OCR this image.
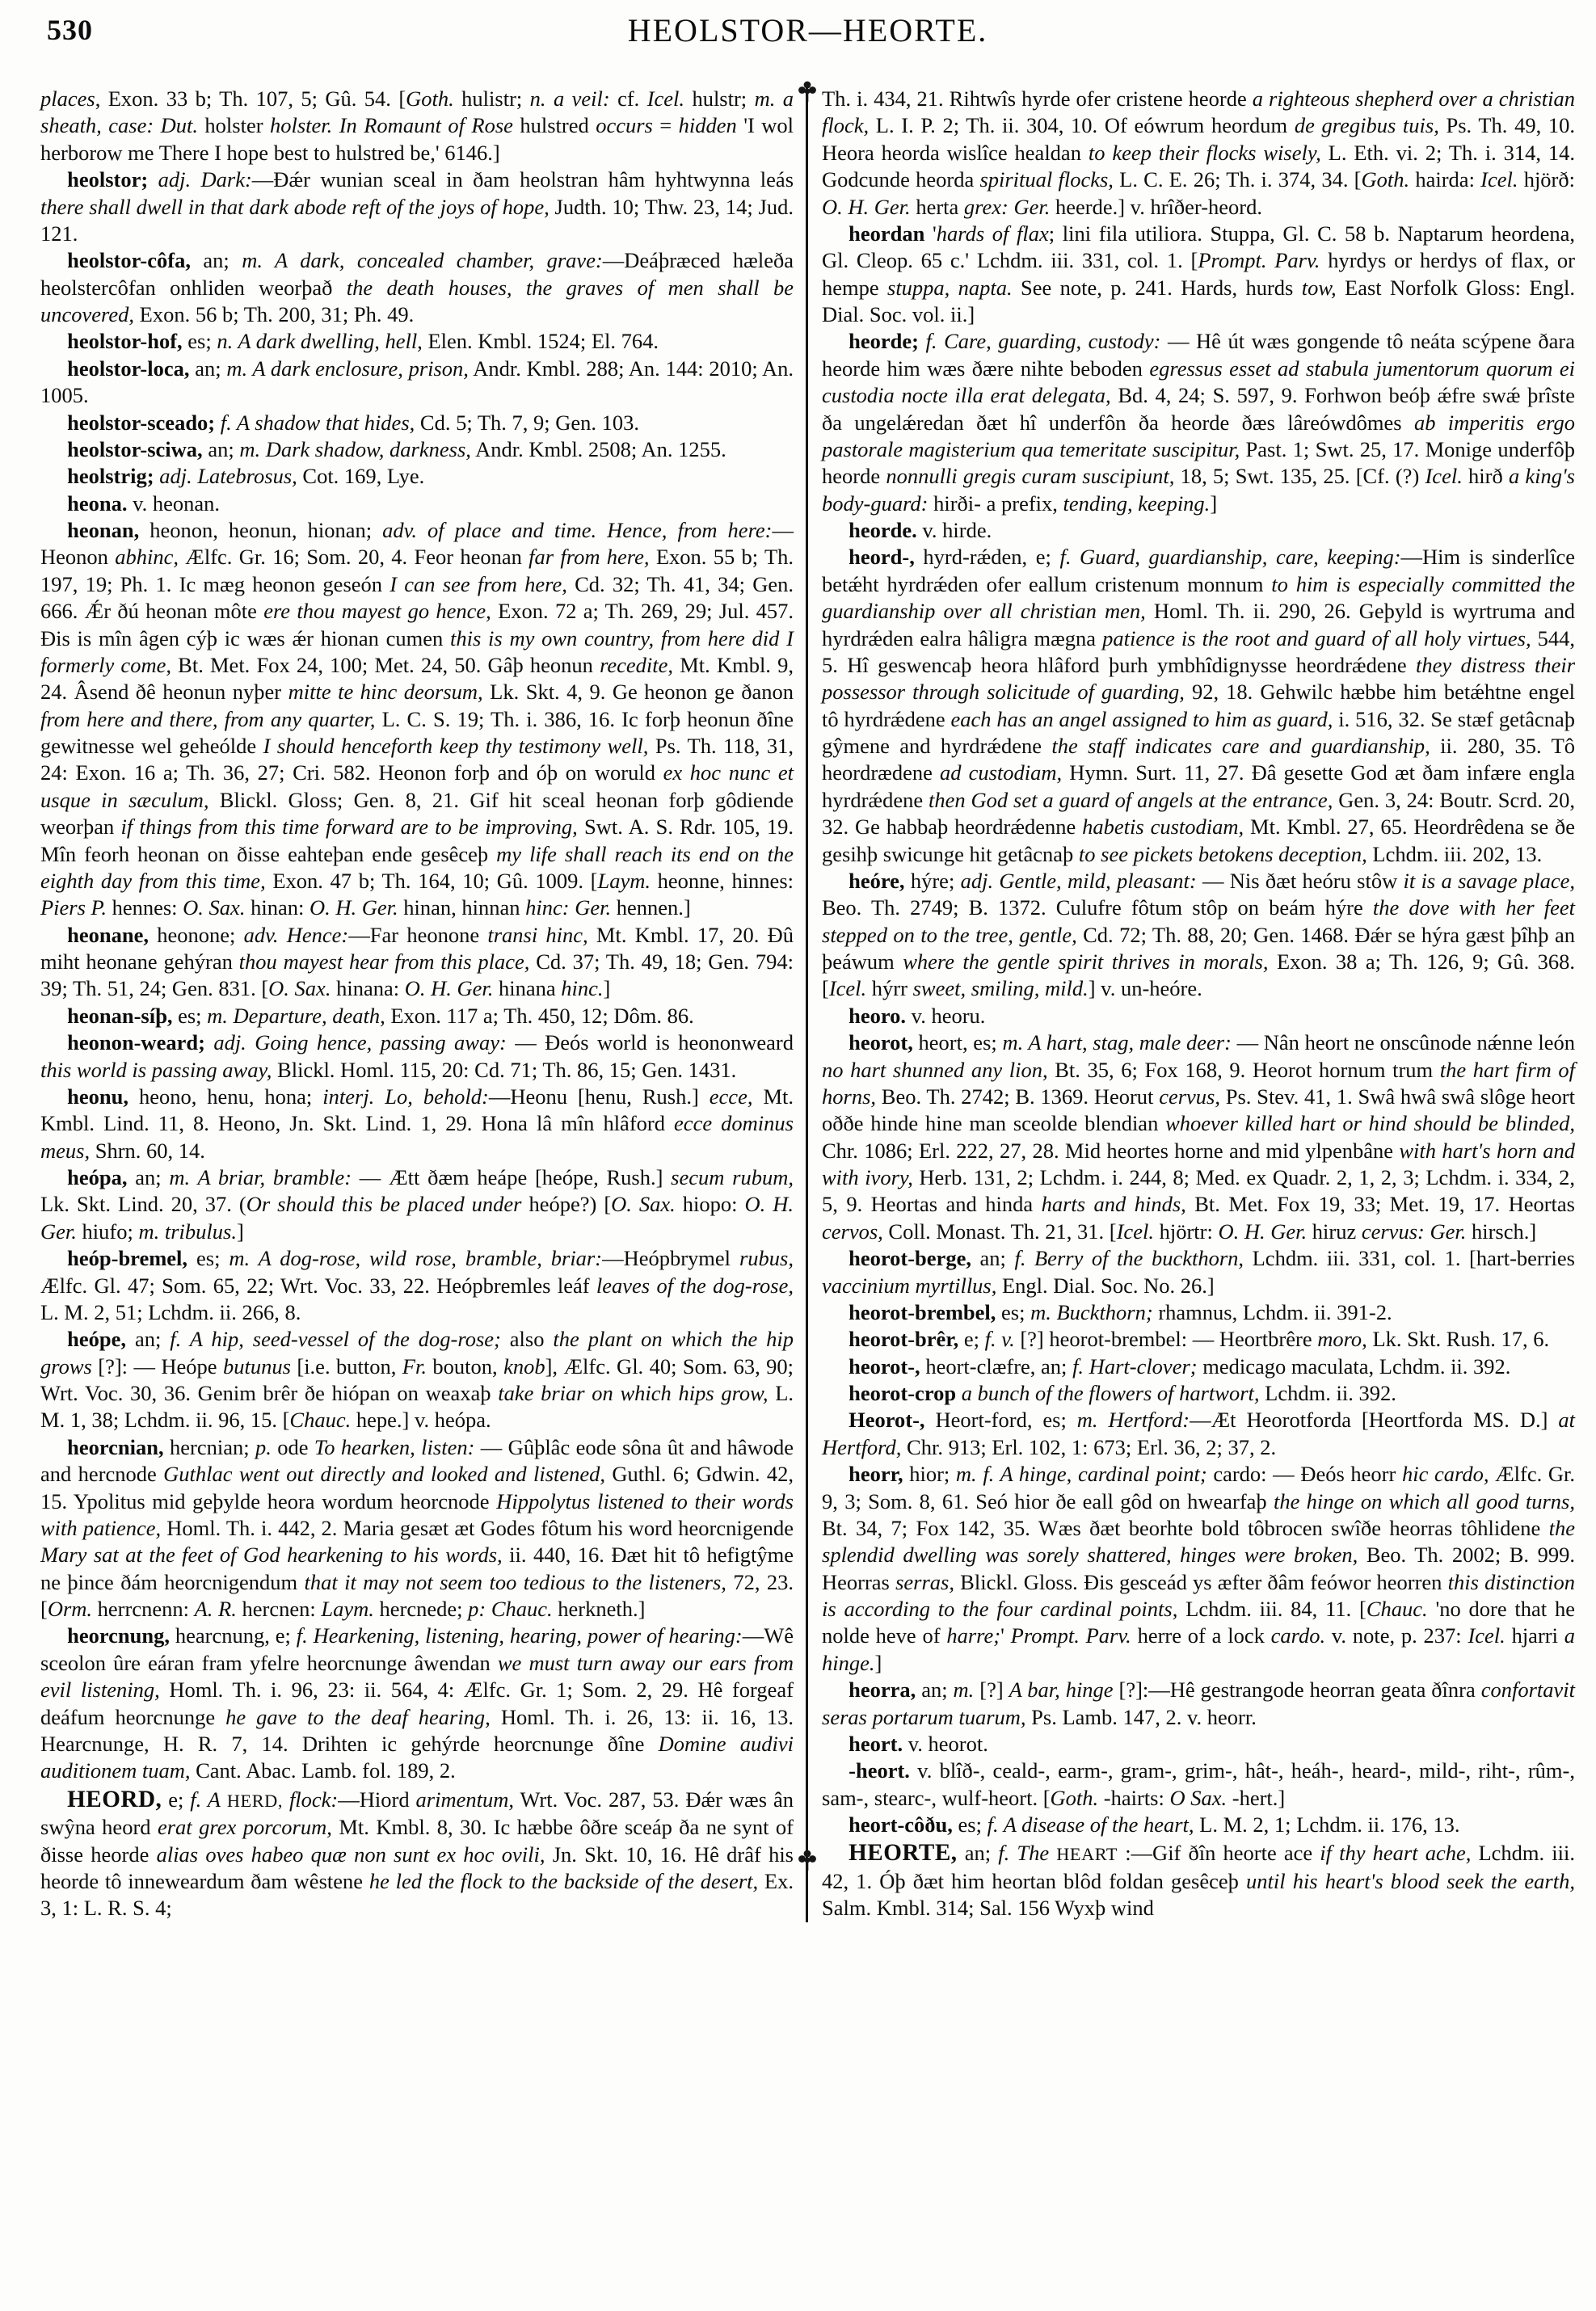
530	HEOLSTOR—HEORTE.

places, Exon. 33 b; Th. 107, 5; Gû. 54. [Goth. hulistr; n. a veil: cf. Icel. hulstr; m. a sheath, case: Dut. holster holster. In Romaunt of Rose hulstred occurs = hidden 'I wol herborow me There I hope best to hulstred be,' 6146.]

heolstor; adj. Dark:—Ðǽr wunian sceal in ðam heolstran hâm hyhtwynna leás there shall dwell in that dark abode reft of the joys of hope, Judth. 10; Thw. 23, 14; Jud. 121.

heolstor-côfa, an; m. A dark, concealed chamber, grave:—Deáþræced hæleða heolstercôfan onhliden weorþað the death houses, the graves of men shall be uncovered, Exon. 56 b; Th. 200, 31; Ph. 49.

heolstor-hof, es; n. A dark dwelling, hell, Elen. Kmbl. 1524; El. 764.

heolstor-loca, an; m. A dark enclosure, prison, Andr. Kmbl. 288; An. 144: 2010; An. 1005.

heolstor-sceado; f. A shadow that hides, Cd. 5; Th. 7, 9; Gen. 103.

heolstor-sciwa, an; m. Dark shadow, darkness, Andr. Kmbl. 2508; An. 1255.

heolstrig; adj. Latebrosus, Cot. 169, Lye.

heona. v. heonan.

heonan, heonon, heonun, hionan; adv. of place and time. Hence, from here:—Heonon abhinc, Ælfc. Gr. 16; Som. 20, 4. Feor heonan far from here, Exon. 55 b; Th. 197, 19; Ph. 1. Ic mæg heonon geseón I can see from here, Cd. 32; Th. 41, 34; Gen. 666. Ǽr ðú heonan môte ere thou mayest go hence, Exon. 72 a; Th. 269, 29; Jul. 457. Ðis is mîn âgen cýþ ic wæs ǽr hionan cumen this is my own country, from here did I formerly come, Bt. Met. Fox 24, 100; Met. 24, 50. Gâþ heonun recedite, Mt. Kmbl. 9, 24. Âsend ðê heonun nyþer mitte te hinc deorsum, Lk. Skt. 4, 9. Ge heonon ge ðanon from here and there, from any quarter, L. C. S. 19; Th. i. 386, 16. Ic forþ heonun ðîne gewitnesse wel geheólde I should henceforth keep thy testimony well, Ps. Th. 118, 31, 24: Exon. 16 a; Th. 36, 27; Cri. 582. Heonon forþ and óþ on woruld ex hoc nunc et usque in sæculum, Blickl. Gloss; Gen. 8, 21. Gif hit sceal heonan forþ gôdiende weorþan if things from this time forward are to be improving, Swt. A. S. Rdr. 105, 19. Mîn feorh heonan on ðisse eahteþan ende gesêceþ my life shall reach its end on the eighth day from this time, Exon. 47 b; Th. 164, 10; Gû. 1009. [Laym. heonne, hinnes: Piers P. hennes: O. Sax. hinan: O. H. Ger. hinan, hinnan hinc: Ger. hennen.]

heonane, heonone; adv. Hence:—Far heonone transi hinc, Mt. Kmbl. 17, 20. Ðû miht heonane gehýran thou mayest hear from this place, Cd. 37; Th. 49, 18; Gen. 794: 39; Th. 51, 24; Gen. 831. [O. Sax. hinana: O. H. Ger. hinana hinc.]

heonan-síþ, es; m. Departure, death, Exon. 117 a; Th. 450, 12; Dôm. 86.

heonon-weard; adj. Going hence, passing away: — Ðeós world is heononweard this world is passing away, Blickl. Homl. 115, 20: Cd. 71; Th. 86, 15; Gen. 1431.

heonu, heono, henu, hona; interj. Lo, behold:—Heonu [henu, Rush.] ecce, Mt. Kmbl. Lind. 11, 8. Heono, Jn. Skt. Lind. 1, 29. Hona lâ mîn hlâford ecce dominus meus, Shrn. 60, 14.

heópa, an; m. A briar, bramble: — Ætt ðæm heápe [heópe, Rush.] secum rubum, Lk. Skt. Lind. 20, 37. (Or should this be placed under heópe?) [O. Sax. hiopo: O. H. Ger. hiufo; m. tribulus.]

heóp-bremel, es; m. A dog-rose, wild rose, bramble, briar:—Heópbrymel rubus, Ælfc. Gl. 47; Som. 65, 22; Wrt. Voc. 33, 22. Heópbremles leáf leaves of the dog-rose, L. M. 2, 51; Lchdm. ii. 266, 8.

heópe, an; f. A hip, seed-vessel of the dog-rose; also the plant on which the hip grows [?]: — Heópe butunus [i.e. button, Fr. bouton, knob], Ælfc. Gl. 40; Som. 63, 90; Wrt. Voc. 30, 36. Genim brêr ðe hiópan on weaxaþ take briar on which hips grow, L. M. 1, 38; Lchdm. ii. 96, 15. [Chauc. hepe.] v. heópa.

heorcnian, hercnian; p. ode To hearken, listen: — Gûþlâc eode sôna ût and hâwode and hercnode Guthlac went out directly and looked and listened, Guthl. 6; Gdwin. 42, 15. Ypolitus mid geþylde heora wordum heorcnode Hippolytus listened to their words with patience, Homl. Th. i. 442, 2. Maria gesæt æt Godes fôtum his word heorcnigende Mary sat at the feet of God hearkening to his words, ii. 440, 16. Ðæt hit tô hefigtŷme ne þince ðám heorcnigendum that it may not seem too tedious to the listeners, 72, 23. [Orm. herrcnenn: A. R. hercnen: Laym. hercnede; p: Chauc. herkneth.]

heorcnung, hearcnung, e; f. Hearkening, listening, hearing, power of hearing:—Wê sceolon ûre eáran fram yfelre heorcnunge âwendan we must turn away our ears from evil listening, Homl. Th. i. 96, 23: ii. 564, 4: Ælfc. Gr. 1; Som. 2, 29. Hê forgeaf deáfum heorcnunge he gave to the deaf hearing, Homl. Th. i. 26, 13: ii. 16, 13. Hearcnunge, H. R. 7, 14. Drihten ic gehýrde heorcnunge ðîne Domine audivi auditionem tuam, Cant. Abac. Lamb. fol. 189, 2.

HEORD, e; f. A HERD, flock:—Hiord arimentum, Wrt. Voc. 287, 53. Ðǽr wæs ân swŷna heord erat grex porcorum, Mt. Kmbl. 8, 30. Ic hæbbe ôðre sceáp ða ne synt of ðisse heorde alias oves habeo quæ non sunt ex hoc ovili, Jn. Skt. 10, 16. Hê drâf his heorde tô inneweardum ðam wêstene he led the flock to the backside of the desert, Ex. 3, 1: L. R. S. 4;

Th. i. 434, 21. Rihtwîs hyrde ofer cristene heorde a righteous shepherd over a christian flock, L. I. P. 2; Th. ii. 304, 10. Of eówrum heordum de gregibus tuis, Ps. Th. 49, 10. Heora heorda wislîce healdan to keep their flocks wisely, L. Eth. vi. 2; Th. i. 314, 14. Godcunde heorda spiritual flocks, L. C. E. 26; Th. i. 374, 34. [Goth. hairda: Icel. hjörð: O. H. Ger. herta grex: Ger. heerde.] v. hrîðer-heord.

heordan 'hards of flax; lini fila utiliora. Stuppa, Gl. C. 58 b. Naptarum heordena, Gl. Cleop. 65 c.' Lchdm. iii. 331, col. 1. [Prompt. Parv. hyrdys or herdys of flax, or hempe stuppa, napta. See note, p. 241. Hards, hurds tow, East Norfolk Gloss: Engl. Dial. Soc. vol. ii.]

heorde; f. Care, guarding, custody: — Hê út wæs gongende tô neáta scýpene ðara heorde him wæs ðære nihte beboden egressus esset ad stabula jumentorum quorum ei custodia nocte illa erat delegata, Bd. 4, 24; S. 597, 9. Forhwon beóþ ǽfre swǽ þrîste ða ungelǽredan ðæt hî underfôn ða heorde ðæs lâreówdômes ab imperitis ergo pastorale magisterium qua temeritate suscipitur, Past. 1; Swt. 25, 17. Monige underfôþ heorde nonnulli gregis curam suscipiunt, 18, 5; Swt. 135, 25. [Cf. (?) Icel. hirð a king's body-guard: hirði- a prefix, tending, keeping.]

heorde. v. hirde.

heord-, hyrd-rǽden, e; f. Guard, guardianship, care, keeping:—Him is sinderlîce betǽht hyrdrǽden ofer eallum cristenum monnum to him is especially committed the guardianship over all christian men, Homl. Th. ii. 290, 26. Geþyld is wyrtruma and hyrdrǽden ealra hâligra mægna patience is the root and guard of all holy virtues, 544, 5. Hî geswencaþ heora hlâford þurh ymbhîdignysse heordrǽdene they distress their possessor through solicitude of guarding, 92, 18. Gehwilc hæbbe him betǽhtne engel tô hyrdrǽdene each has an angel assigned to him as guard, i. 516, 32. Se stæf getâcnaþ gŷmene and hyrdrǽdene the staff indicates care and guardianship, ii. 280, 35. Tô heordrædene ad custodiam, Hymn. Surt. 11, 27. Ðâ gesette God æt ðam infære engla hyrdrǽdene then God set a guard of angels at the entrance, Gen. 3, 24: Boutr. Scrd. 20, 32. Ge habbaþ heordrǽdenne habetis custodiam, Mt. Kmbl. 27, 65. Heordrêdena se ðe gesihþ swicunge hit getâcnaþ to see pickets betokens deception, Lchdm. iii. 202, 13.

heóre, hýre; adj. Gentle, mild, pleasant: — Nis ðæt heóru stôw it is a savage place, Beo. Th. 2749; B. 1372. Culufre fôtum stôp on beám hýre the dove with her feet stepped on to the tree, gentle, Cd. 72; Th. 88, 20; Gen. 1468. Ðǽr se hýra gæst þîhþ an þeáwum where the gentle spirit thrives in morals, Exon. 38 a; Th. 126, 9; Gû. 368. [Icel. hýrr sweet, smiling, mild.] v. un-heóre.

heoro. v. heoru.

heorot, heort, es; m. A hart, stag, male deer: — Nân heort ne onscûnode nǽnne león no hart shunned any lion, Bt. 35, 6; Fox 168, 9. Heorot hornum trum the hart firm of horns, Beo. Th. 2742; B. 1369. Heorut cervus, Ps. Stev. 41, 1. Swâ hwâ swâ slôge heort oððe hinde hine man sceolde blendian whoever killed hart or hind should be blinded, Chr. 1086; Erl. 222, 27, 28. Mid heortes horne and mid ylpenbâne with hart's horn and with ivory, Herb. 131, 2; Lchdm. i. 244, 8; Med. ex Quadr. 2, 1, 2, 3; Lchdm. i. 334, 2, 5, 9. Heortas and hinda harts and hinds, Bt. Met. Fox 19, 33; Met. 19, 17. Heortas cervos, Coll. Monast. Th. 21, 31. [Icel. hjörtr: O. H. Ger. hiruz cervus: Ger. hirsch.]

heorot-berge, an; f. Berry of the buckthorn, Lchdm. iii. 331, col. 1. [hart-berries vaccinium myrtillus, Engl. Dial. Soc. No. 26.]

heorot-brembel, es; m. Buckthorn; rhamnus, Lchdm. ii. 391-2.

heorot-brêr, e; f. v. [?] heorot-brembel: — Heortbrêre moro, Lk. Skt. Rush. 17, 6.

heorot-, heort-clæfre, an; f. Hart-clover; medicago maculata, Lchdm. ii. 392.

heorot-crop a bunch of the flowers of hartwort, Lchdm. ii. 392.

Heorot-, Heort-ford, es; m. Hertford:—Æt Heorotforda [Heortforda MS. D.] at Hertford, Chr. 913; Erl. 102, 1: 673; Erl. 36, 2; 37, 2.

heorr, hior; m. f. A hinge, cardinal point; cardo: — Ðeós heorr hic cardo, Ælfc. Gr. 9, 3; Som. 8, 61. Seó hior ðe eall gôd on hwearfaþ the hinge on which all good turns, Bt. 34, 7; Fox 142, 35. Wæs ðæt beorhte bold tôbrocen swîðe heorras tôhlidene the splendid dwelling was sorely shattered, hinges were broken, Beo. Th. 2002; B. 999. Heorras serras, Blickl. Gloss. Ðis gesceád ys æfter ðâm feówor heorren this distinction is according to the four cardinal points, Lchdm. iii. 84, 11. [Chauc. 'no dore that he nolde heve of harre;' Prompt. Parv. herre of a lock cardo. v. note, p. 237: Icel. hjarri a hinge.]

heorra, an; m. [?] A bar, hinge [?]:—Hê gestrangode heorran geata ðînra confortavit seras portarum tuarum, Ps. Lamb. 147, 2. v. heorr.

heort. v. heorot.

-heort. v. blîð-, ceald-, earm-, gram-, grim-, hât-, heáh-, heard-, mild-, riht-, rûm-, sam-, stearc-, wulf-heort. [Goth. -hairts: O Sax. -hert.]

heort-côðu, es; f. A disease of the heart, L. M. 2, 1; Lchdm. ii. 176, 13.

HEORTE, an; f. The HEART :—Gif ðîn heorte ace if thy heart ache, Lchdm. iii. 42, 1. Óþ ðæt him heortan blôd foldan gesêceþ until his heart's blood seek the earth, Salm. Kmbl. 314; Sal. 156 Wyxþ wind
